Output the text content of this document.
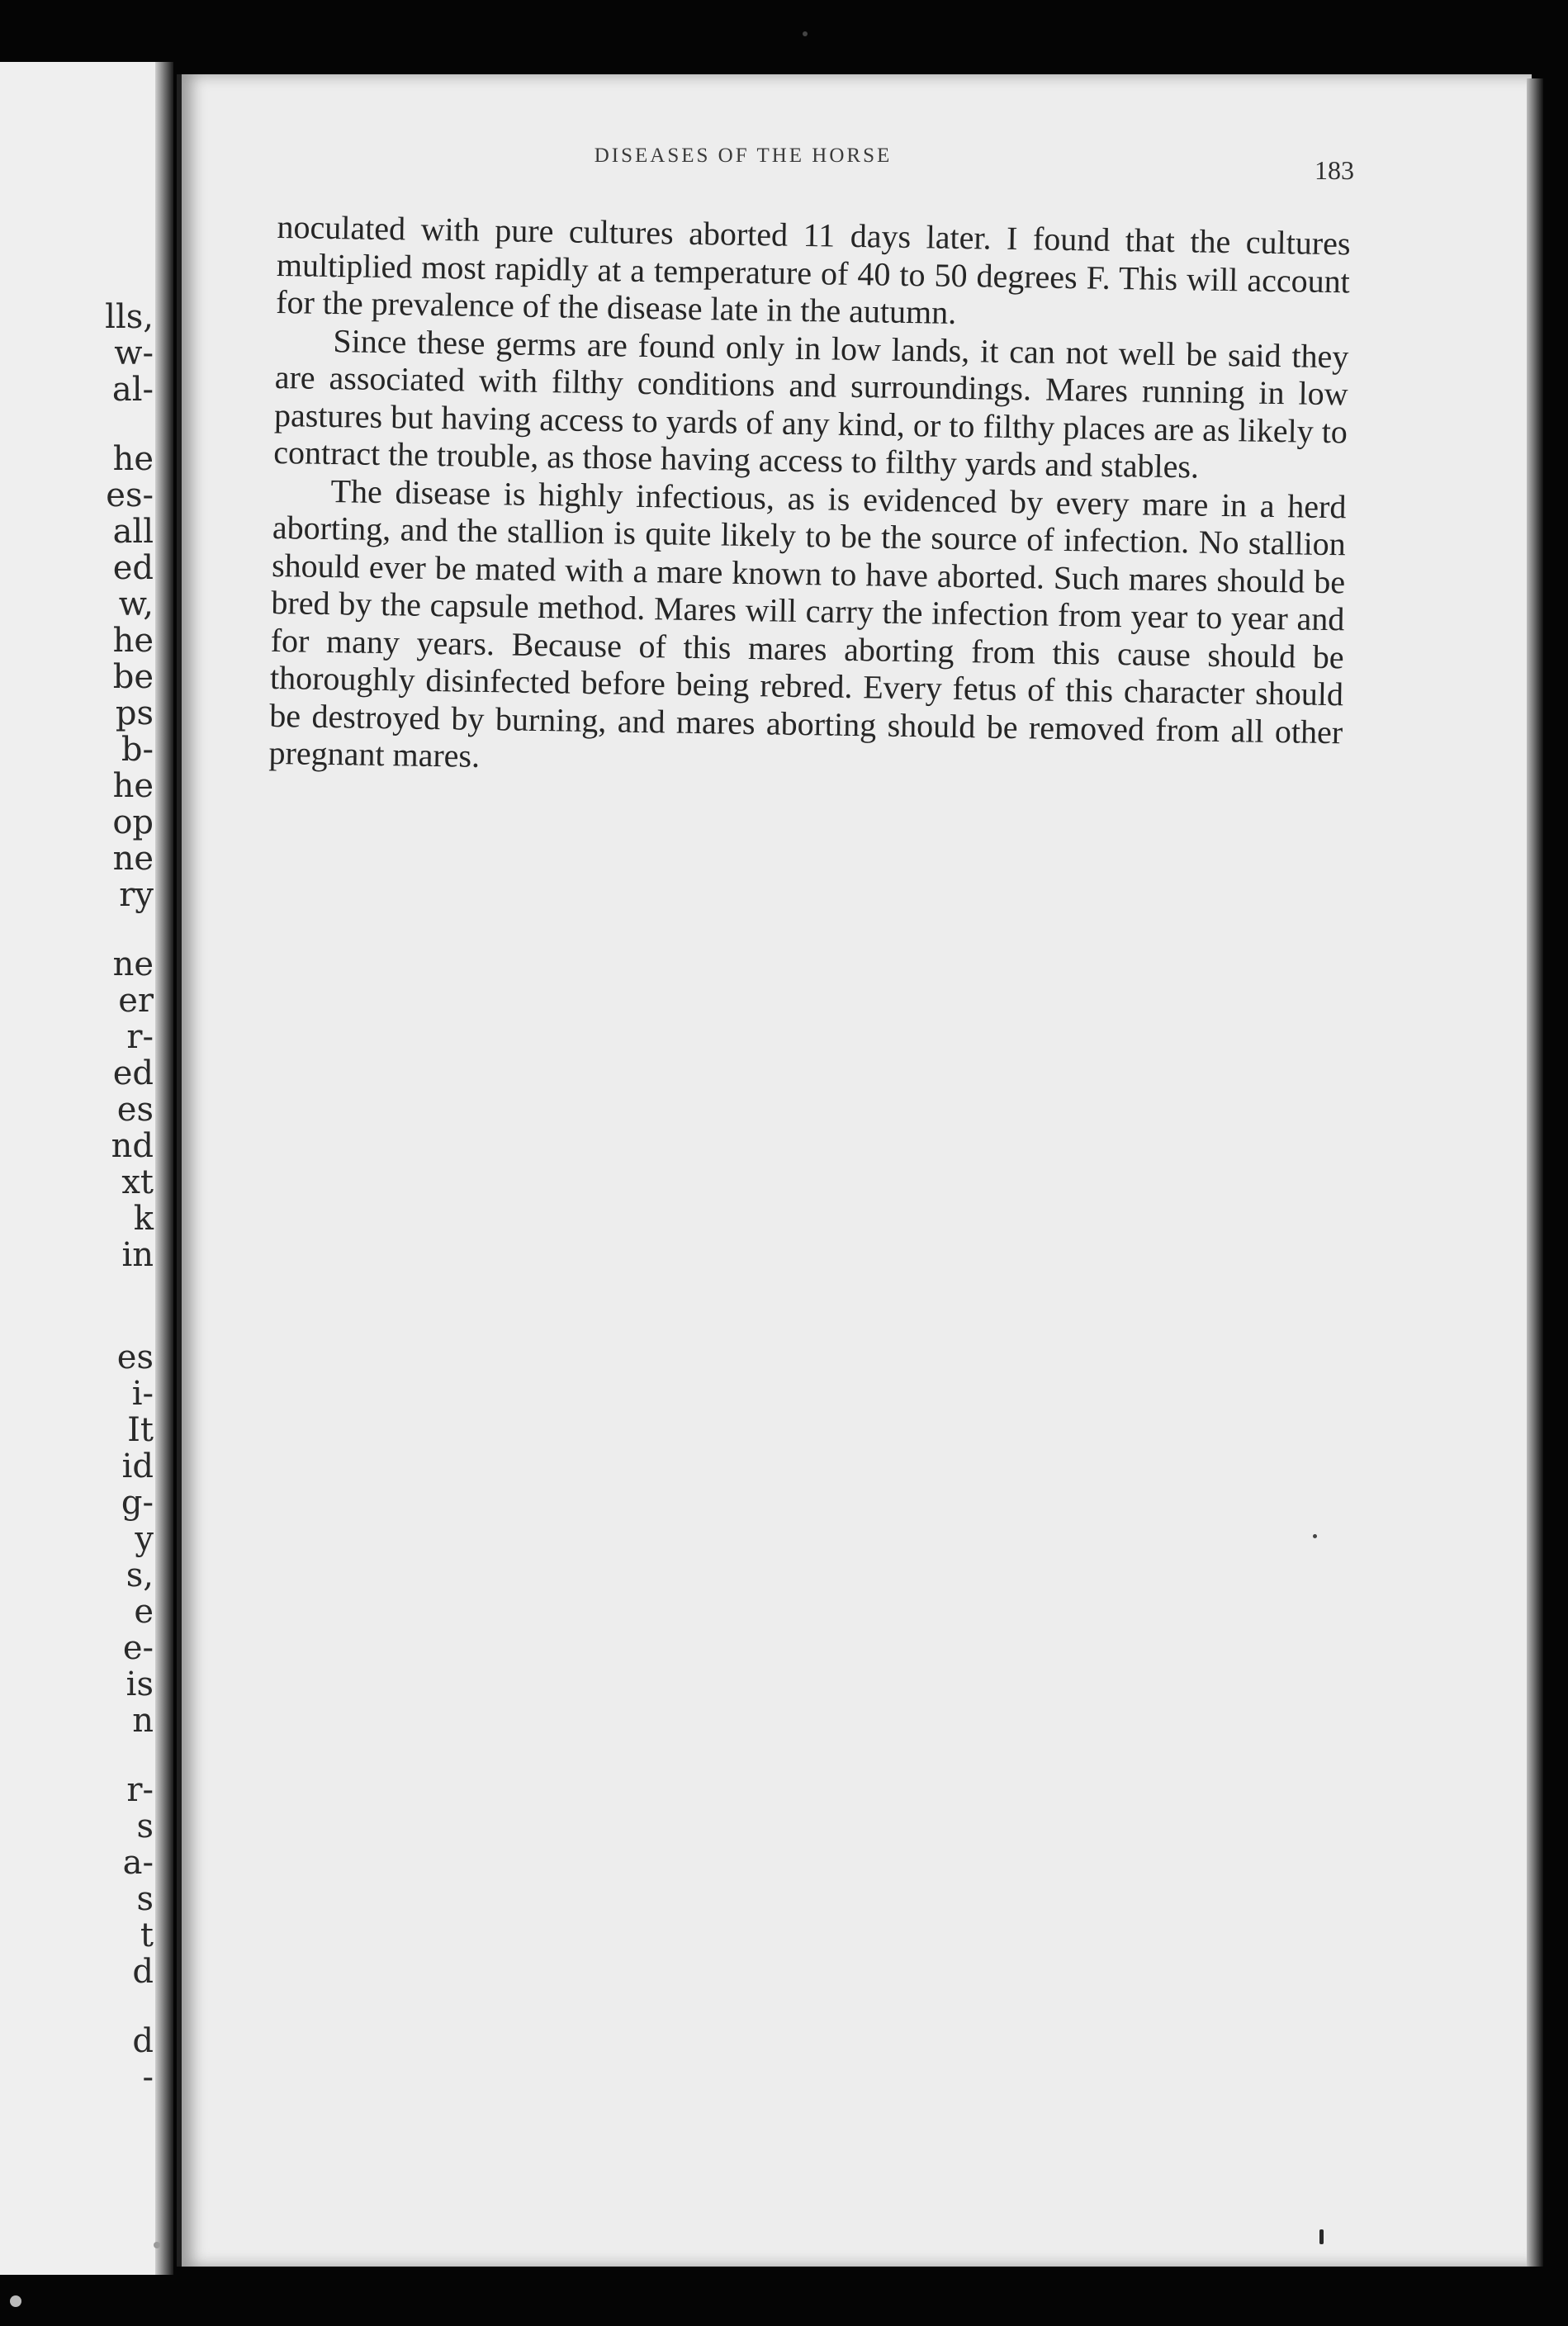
lls,
w-
al-
he
es-
all
ed
w,
he
be
ps
b-
he
op
ne
ry
ne
er
r-
ed
es
nd
xt
k
in
es
i-
It
id
g-
y
s,
e
e-
is
n
r-
s
a-
s
t
d
d
-
DISEASES OF THE HORSE	183

noculated with pure cultures aborted 11 days later. I found that the cultures multiplied most rapidly at a temperature of 40 to 50 degrees F. This will account for the prevalence of the disease late in the autumn.

Since these germs are found only in low lands, it can not well be said they are associated with filthy conditions and surroundings. Mares running in low pastures but having access to yards of any kind, or to filthy places are as likely to contract the trouble, as those having access to filthy yards and stables.

The disease is highly infectious, as is evidenced by every mare in a herd aborting, and the stallion is quite likely to be the source of infection. No stallion should ever be mated with a mare known to have aborted. Such mares should be bred by the capsule method. Mares will carry the infection from year to year and for many years. Because of this mares aborting from this cause should be thoroughly disinfected before being rebred. Every fetus of this character should be destroyed by burning, and mares aborting should be removed from all other pregnant mares.
